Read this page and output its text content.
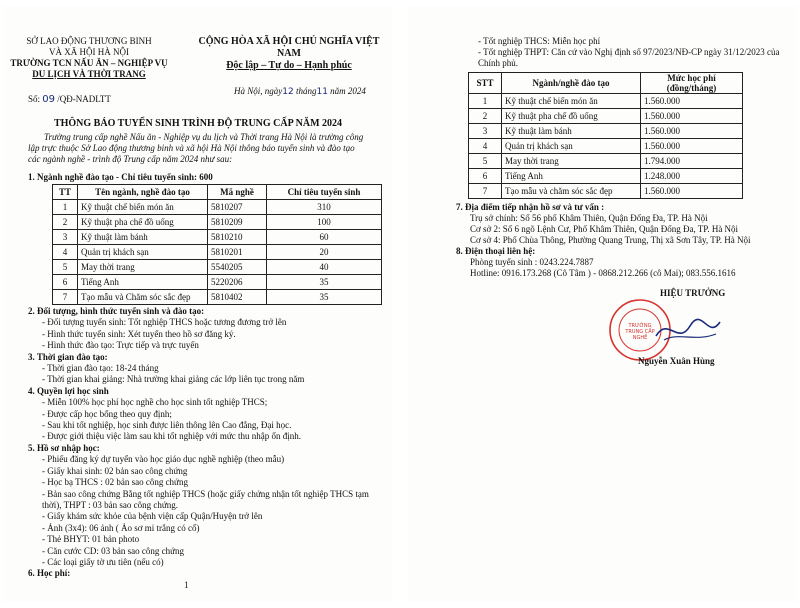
SỞ LAO ĐỘNG THƯƠNG BINH
VÀ XÃ HỘI HÀ NỘI
TRƯỜNG TCN NẤU ĂN – NGHIỆP VỤ
DU LỊCH VÀ THỜI TRANG
CỘNG HÒA XÃ HỘI CHỦ NGHĨA VIỆT NAM
Độc lập – Tự do – Hạnh phúc
Số: 09 /QĐ-NADLTT
Hà Nội, ngày12 tháng11 năm 2024
THÔNG BÁO TUYỂN SINH TRÌNH ĐỘ TRUNG CẤP NĂM 2024
Trường trung cấp nghề Nấu ăn - Nghiệp vụ du lịch và Thời trang Hà Nội là trường công lập trực thuộc Sở Lao động thương binh và xã hội Hà Nội thông báo tuyển sinh và đào tạo các ngành nghề - trình độ Trung cấp năm 2024 như sau:
1. Ngành nghề đào tạo - Chỉ tiêu tuyển sinh: 600
TT	Tên ngành, nghề đào tạo	Mã nghề	Chỉ tiêu tuyển sinh
1	Kỹ thuật chế biến món ăn	5810207	310
2	Kỹ thuật pha chế đồ uống	5810209	100
3	Kỹ thuật làm bánh	5810210	60
4	Quản trị khách sạn	5810201	20
5	May thời trang	5540205	40
6	Tiếng Anh	5220206	35
7	Tạo mẫu và Chăm sóc sắc đẹp	5810402	35
2. Đối tượng, hình thức tuyển sinh và đào tạo:
- Đối tượng tuyển sinh: Tốt nghiệp THCS hoặc tương đương trở lên
- Hình thức tuyển sinh: Xét tuyển theo hồ sơ đăng ký.
- Hình thức đào tạo: Trực tiếp và trực tuyến
3. Thời gian đào tạo:
- Thời gian đào tạo: 18-24 tháng
- Thời gian khai giảng: Nhà trường khai giảng các lớp liên tục trong năm
4. Quyền lợi học sinh
- Miễn 100% học phí học nghề cho học sinh tốt nghiệp THCS;
- Được cấp học bổng theo quy định;
- Sau khi tốt nghiệp, học sinh được liên thông lên Cao đẳng, Đại học.
- Được giới thiệu việc làm sau khi tốt nghiệp với mức thu nhập ổn định.
5. Hồ sơ nhập học:
- Phiếu đăng ký dự tuyển vào học giáo dục nghề nghiệp (theo mẫu)
- Giấy khai sinh: 02 bản sao công chứng
- Học bạ THCS : 02 bản sao công chứng
- Bản sao công chứng Bằng tốt nghiệp THCS (hoặc giấy chứng nhận tốt nghiệp THCS tạm thời), THPT : 03 bản sao công chứng.
- Giấy khám sức khỏe của bệnh viện cấp Quận/Huyện trở lên
- Ảnh (3x4): 06 ảnh ( Ảo sơ mi trắng có cổ)
- Thẻ BHYT: 01 bản photo
- Căn cước CD: 03 bản sao công chứng
- Các loại giấy tờ ưu tiên (nếu có)
6. Học phí:
1
- Tốt nghiệp THCS: Miễn học phí
- Tốt nghiệp THPT: Căn cứ vào Nghị định số 97/2023/NĐ-CP ngày 31/12/2023 của Chính phủ.
STT	Ngành/nghề đào tạo	Mức học phí (đồng/tháng)
1	Kỹ thuật chế biến món ăn	1.560.000
2	Kỹ thuật pha chế đồ uống	1.560.000
3	Kỹ thuật làm bánh	1.560.000
4	Quản trị khách sạn	1.560.000
5	May thời trang	1.794.000
6	Tiếng Anh	1.248.000
7	Tạo mẫu và chăm sóc sắc đẹp	1.560.000
7. Địa điểm tiếp nhận hồ sơ và tư vấn :
Trụ sở chính: Số 56 phố Khâm Thiên, Quận Đống Đa, TP. Hà Nội
Cơ sở 2: Số 6 ngõ Lệnh Cư, Phố Khâm Thiên, Quận Đống Đa, TP. Hà Nội
Cơ sở 4: Phố Chùa Thông, Phường Quang Trung, Thị xã Sơn Tây, TP. Hà Nội
8. Điện thoại liên hệ:
Phòng tuyển sinh : 0243.224.7887
Hotline: 0916.173.268 (Cô Tâm ) - 0868.212.266 (cô Mai); 083.556.1616
HIỆU TRƯỞNG
TRƯỜNG
TRUNG CẤP
NGHỀ
Nguyễn Xuân Hùng
